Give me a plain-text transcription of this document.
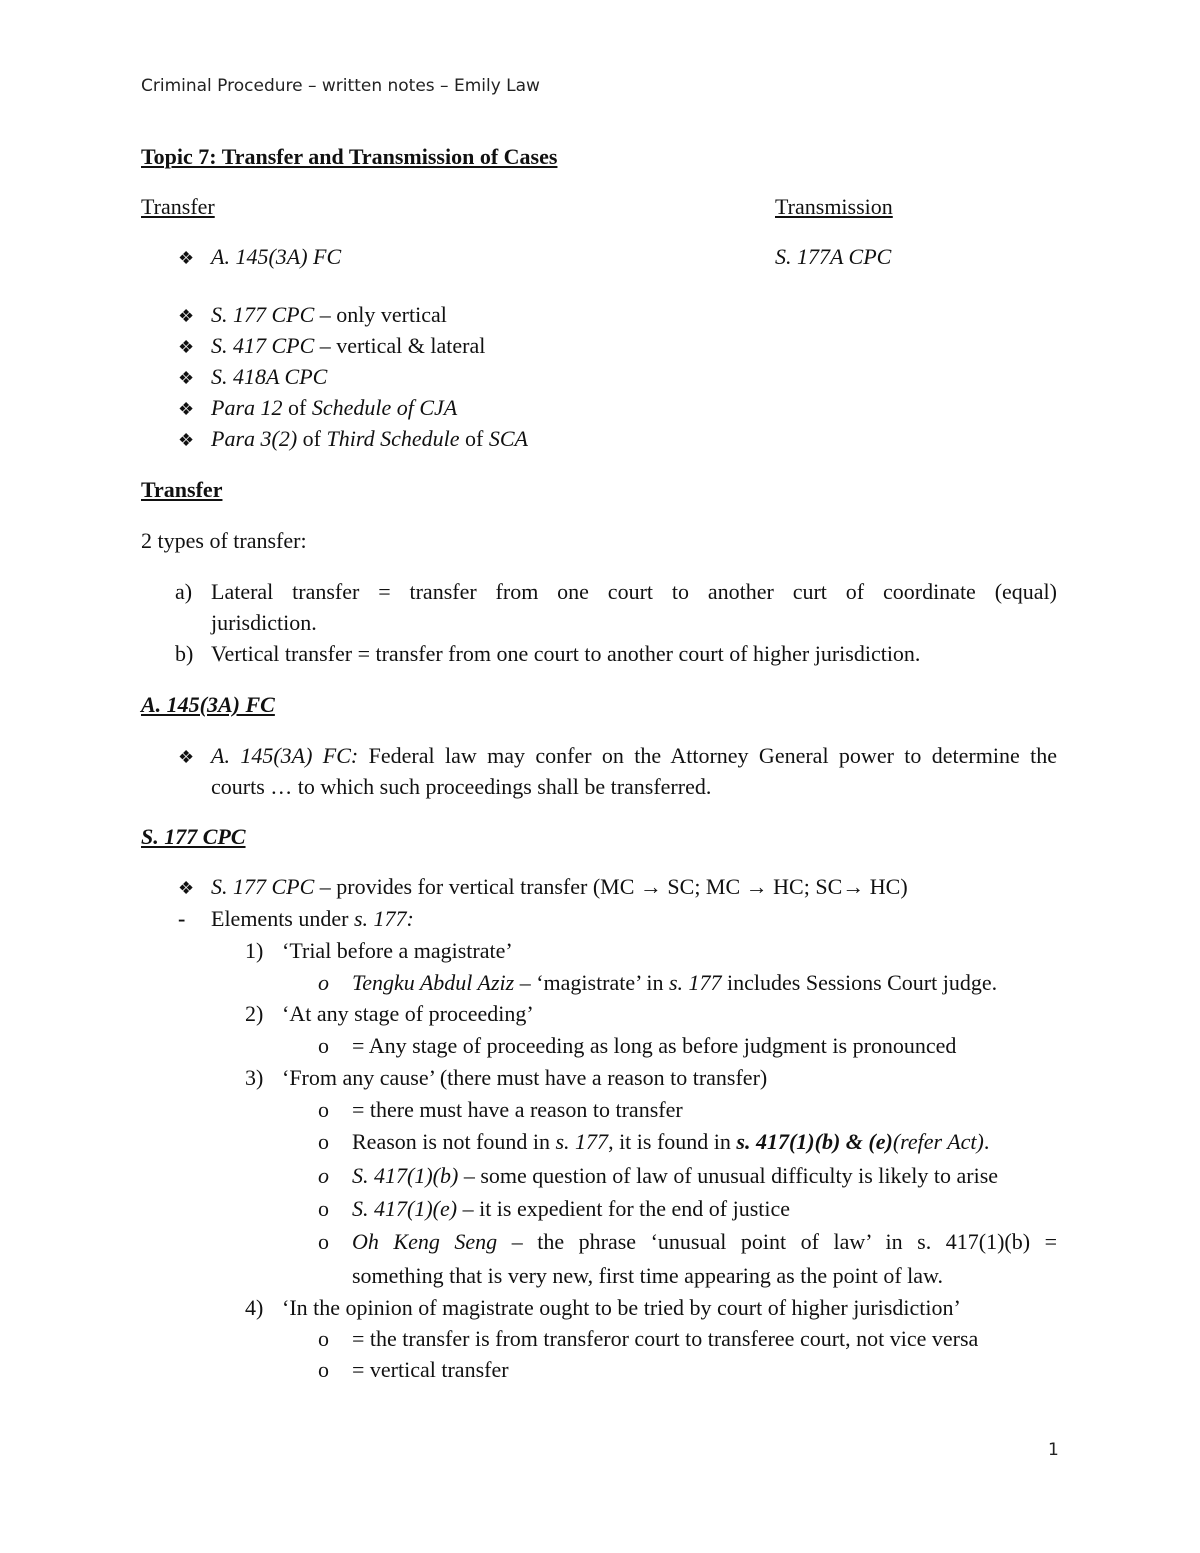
Criminal Procedure – written notes – Emily Law
Topic 7: Transfer and Transmission of Cases
Transfer	Transmission
❖ A. 145(3A) FC	S. 177A CPC
❖ S. 177 CPC – only vertical
❖ S. 417 CPC – vertical & lateral
❖ S. 418A CPC
❖ Para 12 of Schedule of CJA
❖ Para 3(2) of Third Schedule of SCA
Transfer
2 types of transfer:
a) Lateral transfer = transfer from one court to another curt of coordinate (equal)
jurisdiction.
b) Vertical transfer = transfer from one court to another court of higher jurisdiction.
A. 145(3A) FC
❖ A. 145(3A) FC: Federal law may confer on the Attorney General power to determine the
courts … to which such proceedings shall be transferred.
S. 177 CPC
❖ S. 177 CPC – provides for vertical transfer (MC → SC; MC → HC; SC→ HC)
- Elements under s. 177:
1) ‘Trial before a magistrate’
o Tengku Abdul Aziz – ‘magistrate’ in s. 177 includes Sessions Court judge.
2) ‘At any stage of proceeding’
o = Any stage of proceeding as long as before judgment is pronounced
3) ‘From any cause’ (there must have a reason to transfer)
o = there must have a reason to transfer
o Reason is not found in s. 177, it is found in s. 417(1)(b) & (e)(refer Act).
o S. 417(1)(b) – some question of law of unusual difficulty is likely to arise
o S. 417(1)(e) – it is expedient for the end of justice
o Oh Keng Seng – the phrase ‘unusual point of law’ in s. 417(1)(b) =
something that is very new, first time appearing as the point of law.
4) ‘In the opinion of magistrate ought to be tried by court of higher jurisdiction’
o = the transfer is from transferor court to transferee court, not vice versa
o = vertical transfer
1
